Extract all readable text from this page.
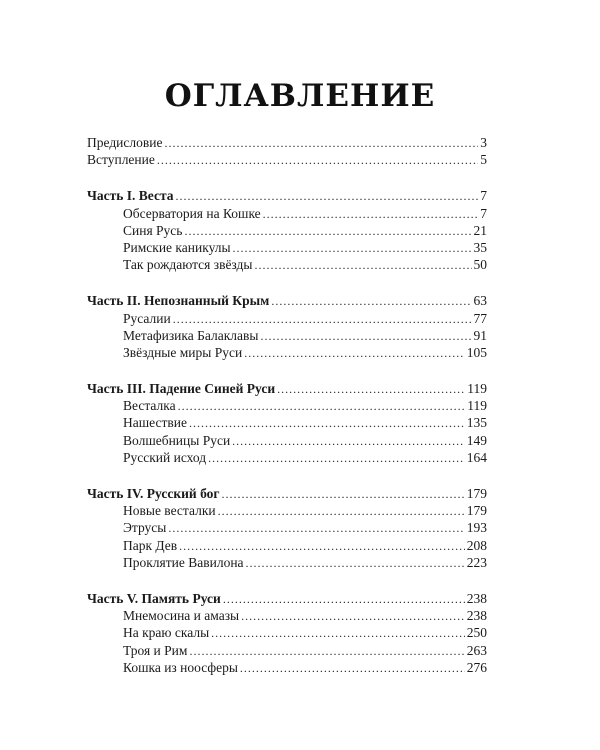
ОГЛАВЛЕНИЕ
Предисловие .....	3
Вступление .....	5
Часть I. Веста .....	7
Обсерватория на Кошке .....	7
Синя Русь .....	21
Римские каникулы .....	35
Так рождаются звёзды .....	50
Часть II. Непознанный Крым .....	63
Русалии .....	77
Метафизика Балаклавы .....	91
Звёздные миры Руси .....	105
Часть III. Падение Синей Руси .....	119
Весталка .....	119
Нашествие .....	135
Волшебницы Руси .....	149
Русский исход .....	164
Часть IV. Русский бог .....	179
Новые весталки .....	179
Этрусы .....	193
Парк Дев .....	208
Проклятие Вавилона .....	223
Часть V. Память Руси .....	238
Мнемосина и амазы .....	238
На краю скалы .....	250
Троя и Рим .....	263
Кошка из ноосферы .....	276
